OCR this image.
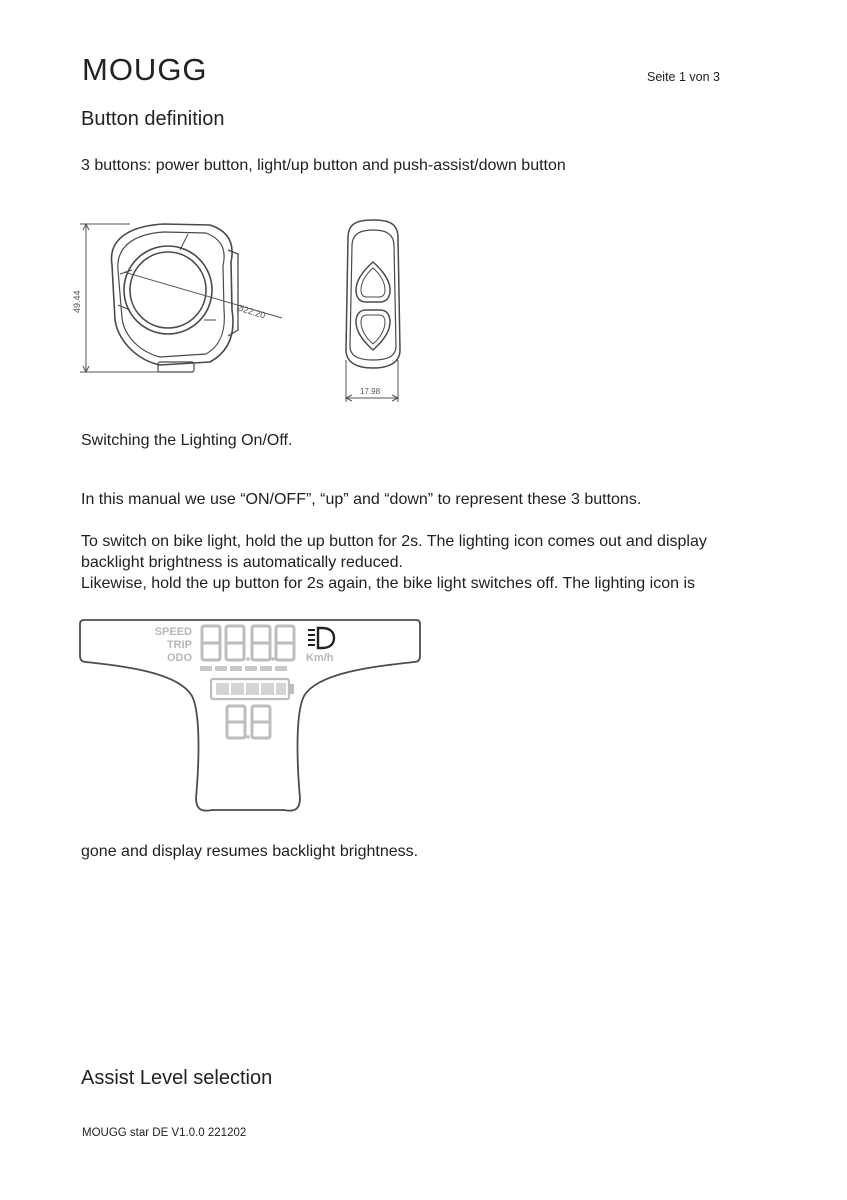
MOUGG	Seite 1 von 3
Button definition
3 buttons: power button, light/up button and push-assist/down button
49.44	Ø22.20
17.98
Switching the Lighting On/Off.
In this manual we use “ON/OFF”, “up” and “down” to represent these 3 buttons.
To switch on bike light, hold the up button for 2s. The lighting icon comes out and display
backlight brightness is automatically reduced.
Likewise, hold the up button for 2s again, the bike light switches off. The lighting icon is
SPEED
TRIP
ODO	Km/h
gone and display resumes backlight brightness.
Assist Level selection
MOUGG star DE V1.0.0 221202
